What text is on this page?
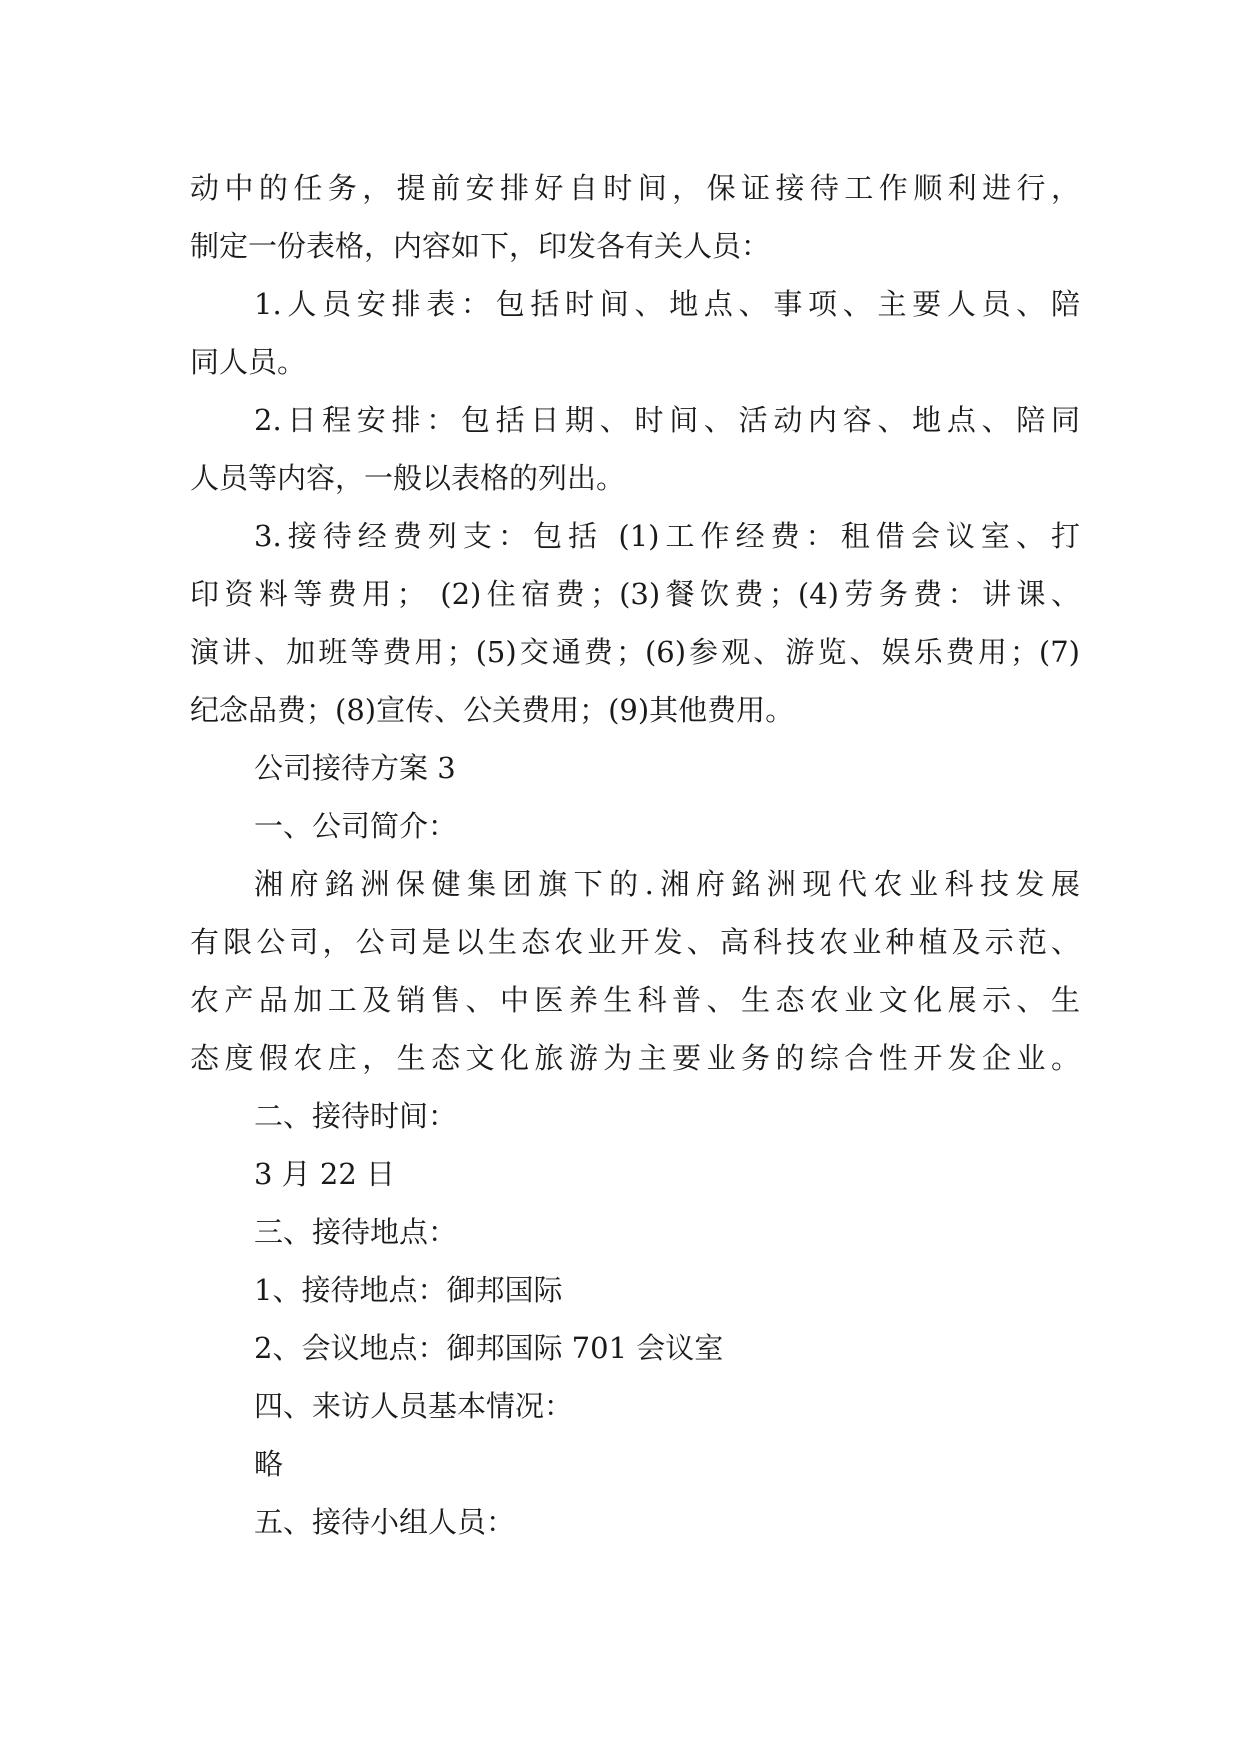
动中的任务，提前安排好自时间，保证接待工作顺利进行，

制定一份表格，内容如下，印发各有关人员：

1.人员安排表：包括时间、地点、事项、主要人员、陪

同人员。

2.日程安排：包括日期、时间、活动内容、地点、陪同

人员等内容，一般以表格的列出。

3.接待经费列支：包括 (1)工作经费：租借会议室、打

印资料等费用； (2)住宿费；(3)餐饮费；(4)劳务费：讲课、

演讲、加班等费用；(5)交通费；(6)参观、游览、娱乐费用；(7)

纪念品费；(8)宣传、公关费用；(9)其他费用。

公司接待方案 3

一、公司简介：

湘府銘洲保健集团旗下的.湘府銘洲现代农业科技发展

有限公司，公司是以生态农业开发、高科技农业种植及示范、

农产品加工及销售、中医养生科普、生态农业文化展示、生

态度假农庄，生态文化旅游为主要业务的综合性开发企业。

二、接待时间：

3 月 22 日

三、接待地点：

1、接待地点：御邦国际

2、会议地点：御邦国际 701 会议室

四、来访人员基本情况：

略

五、接待小组人员：
